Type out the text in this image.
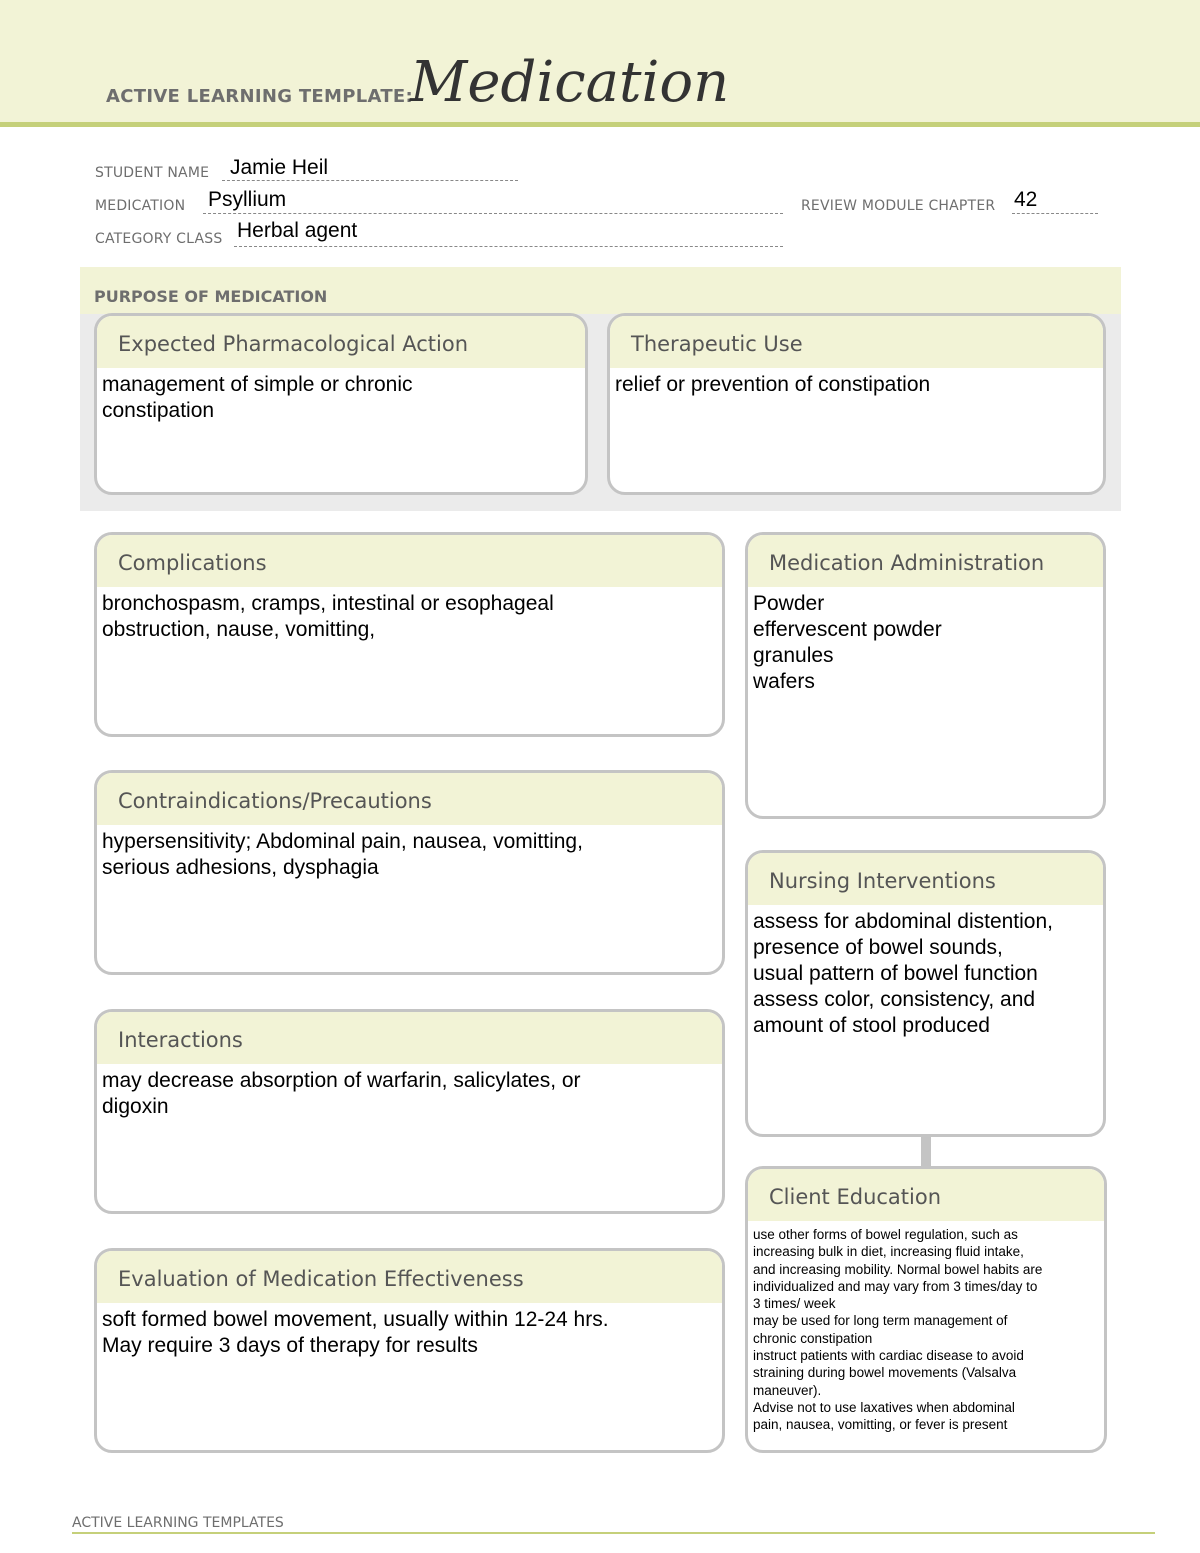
ACTIVE LEARNING TEMPLATE:
Medication
STUDENT NAME Jamie Heil
MEDICATION Psyllium	REVIEW MODULE CHAPTER 42
CATEGORY CLASS Herbal agent
PURPOSE OF MEDICATION
Expected Pharmacological Action
management of simple or chronic
constipation
Therapeutic Use
relief or prevention of constipation
Complications
bronchospasm, cramps, intestinal or esophageal
obstruction, nause, vomitting,
Contraindications/Precautions
hypersensitivity; Abdominal pain, nausea, vomitting,
serious adhesions, dysphagia
Interactions
may decrease absorption of warfarin, salicylates, or
digoxin
Evaluation of Medication Effectiveness
soft formed bowel movement, usually within 12-24 hrs.
May require 3 days of therapy for results
Medication Administration
Powder
effervescent powder
granules
wafers
Nursing Interventions
assess for abdominal distention,
presence of bowel sounds,
usual pattern of bowel function
assess color, consistency, and
amount of stool produced
Client Education
use other forms of bowel regulation, such as
increasing bulk in diet, increasing fluid intake,
and increasing mobility. Normal bowel habits are
individualized and may vary from 3 times/day to
3 times/ week
may be used for long term management of
chronic constipation
instruct patients with cardiac disease to avoid
straining during bowel movements (Valsalva
maneuver).
Advise not to use laxatives when abdominal
pain, nausea, vomitting, or fever is present
ACTIVE LEARNING TEMPLATES
